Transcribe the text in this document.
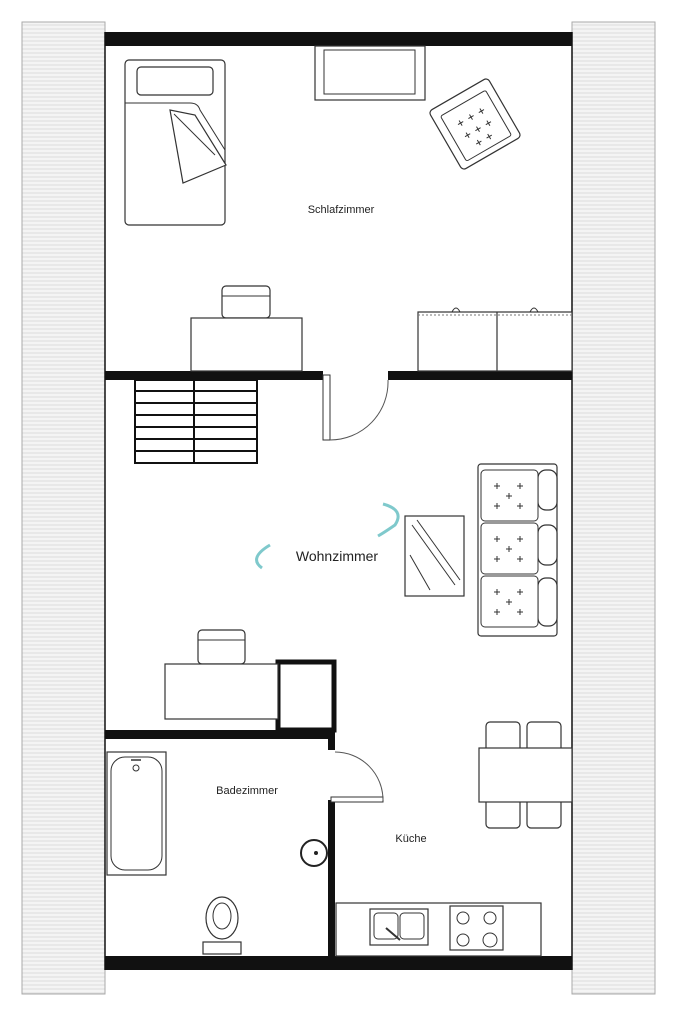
Schlafzimmer
Wohnzimmer
Küche
Badezimmer
